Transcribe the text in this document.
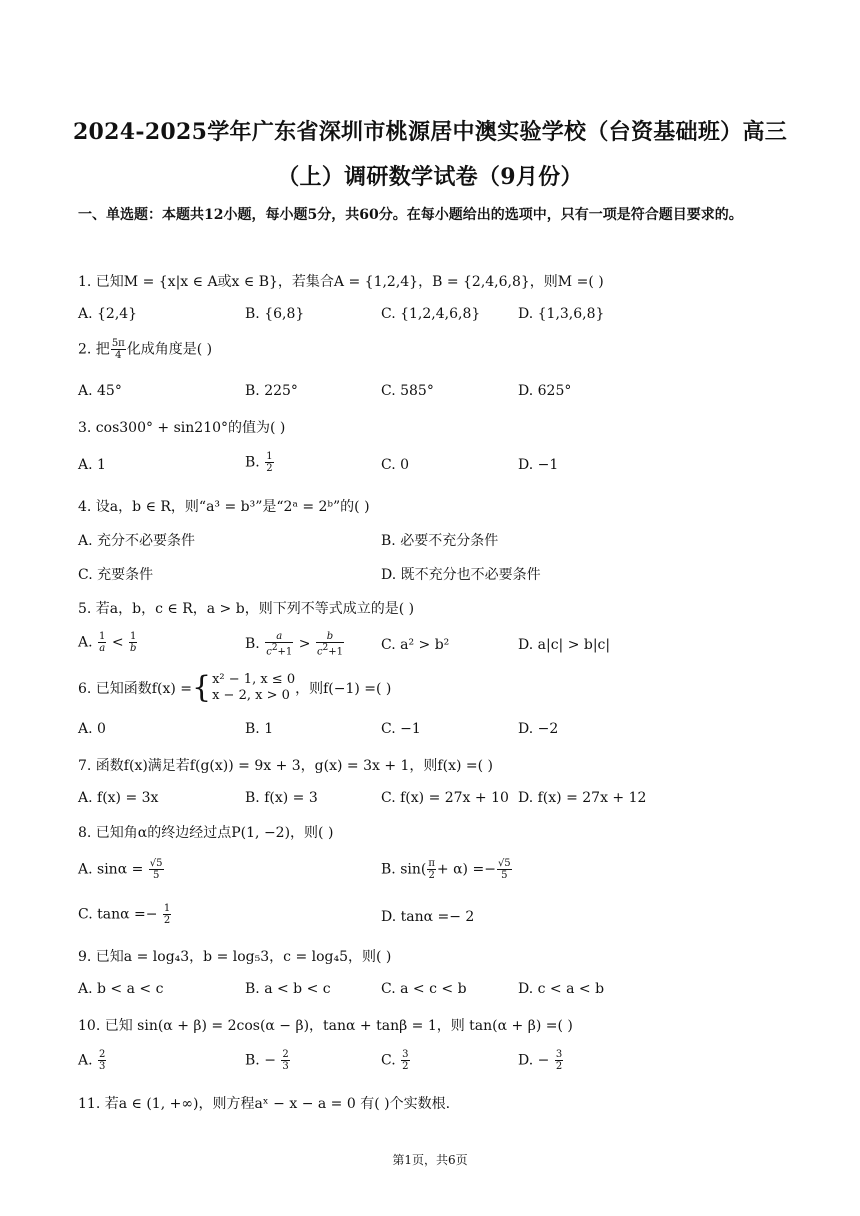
2024-2025学年广东省深圳市桃源居中澳实验学校（台资基础班）高三
（上）调研数学试卷（9月份）
一、单选题：本题共12小题，每小题5分，共60分。在每小题给出的选项中，只有一项是符合题目要求的。
1. 已知M = {x|x ∈ A或x ∈ B}，若集合A = {1,2,4}，B = {2,4,6,8}，则M =( )
A. {2,4}	B. {6,8}	C. {1,2,4,6,8}	D. {1,3,6,8}
2. 把 $\frac{5\pi}{4}$ 化成角度是( )
A. 45°	B. 225°	C. 585°	D. 625°
3. cos300° + sin210°的值为( )
A. 1	B. $\frac{1}{2}$	C. 0	D. −1
4. 设a，b ∈ R，则“a³ = b³”是“2ᵃ = 2ᵇ”的( )
A. 充分不必要条件	B. 必要不充分条件
C. 充要条件	D. 既不充分也不必要条件
5. 若a，b，c ∈ R，a > b，则下列不等式成立的是( )
A. $\frac{1}{a} < \frac{1}{b}$	B. $\frac{a}{c^2+1} > \frac{b}{c^2+1}$	C. a² > b²	D. a|c| > b|c|
6. 已知函数f(x) ={ x² − 1, x ≤ 0
x − 2, x > 0 ，则f(−1) =( )
A. 0	B. 1	C. −1	D. −2
7. 函数f(x)满足若f(g(x)) = 9x + 3，g(x) = 3x + 1，则f(x) =( )
A. f(x) = 3x	B. f(x) = 3	C. f(x) = 27x + 10 D. f(x) = 27x + 12
8. 已知角α的终边经过点P(1, −2)，则( )
A. $\sin\alpha = \frac{√5}{5}$	B. $\sin( \frac{\pi}{2} + \alpha) =- \frac{√5}{5}$
C. $\tan\alpha =- \frac{1}{2}$	D. tanα =− 2
9. 已知a = log₄3，b = log₅3，c = log₄5，则( )
A. b < a < c	B. a < b < c	C. a < c < b	D. c < a < b
10. 已知 sin(α + β) = 2cos(α − β)，tanα + tanβ = 1，则 tan(α + β) =( )
A. $\frac{2}{3}$	B. − $\frac{2}{3}$	C. $\frac{3}{2}$	D. − $\frac{3}{2}$
11. 若a ∈ (1, +∞)，则方程aˣ − x − a = 0 有( )个实数根.
第1页，共6页
